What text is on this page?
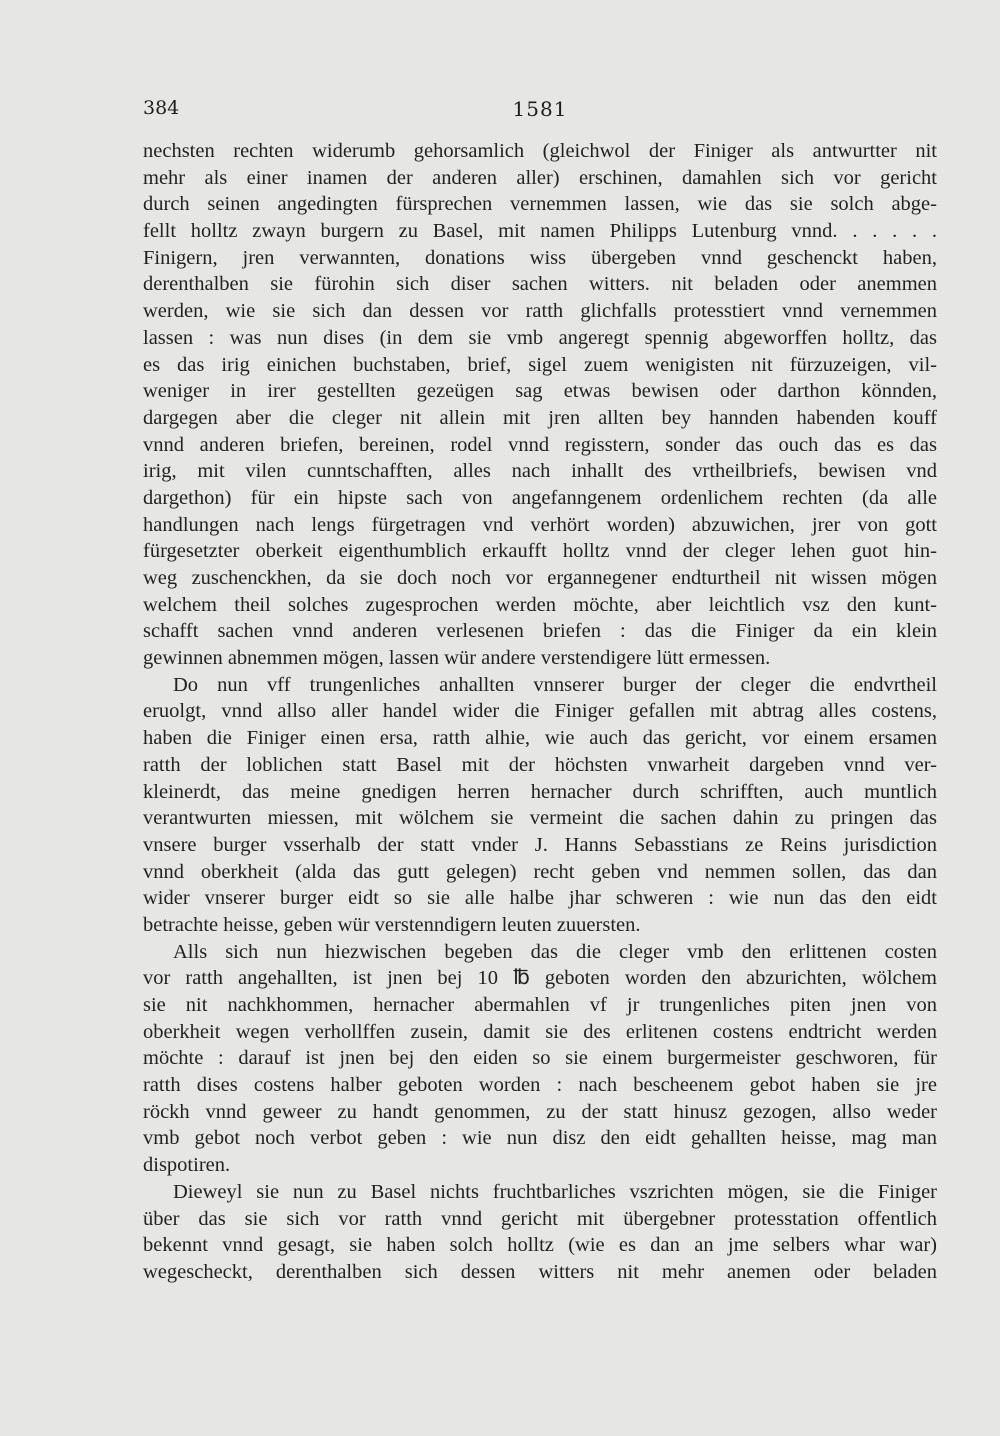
384	1581
nechsten rechten widerumb gehorsamlich (gleichwol der Finiger als antwurtter nit
mehr als einer inamen der anderen aller) erschinen, damahlen sich vor gericht
durch seinen angedingten fürsprechen vernemmen lassen, wie das sie solch abge-
fellt holltz zwayn burgern zu Basel, mit namen Philipps Lutenburg vnnd. . . . . .
Finigern, jren verwannten, donations wiss übergeben vnnd geschenckt haben,
derenthalben sie fürohin sich diser sachen witters. nit beladen oder anemmen
werden, wie sie sich dan dessen vor ratth glichfalls protesstiert vnnd vernemmen
lassen : was nun dises (in dem sie vmb angeregt spennig abgeworffen holltz, das
es das irig einichen buchstaben, brief, sigel zuem wenigisten nit fürzuzeigen, vil-
weniger in irer gestellten gezeügen sag etwas bewisen oder darthon könnden,
dargegen aber die cleger nit allein mit jren allten bey hannden habenden kouff
vnnd anderen briefen, bereinen, rodel vnnd regisstern, sonder das ouch das es das
irig, mit vilen cunntschafften, alles nach inhallt des vrtheilbriefs, bewisen vnd
dargethon) für ein hipste sach von angefanngenem ordenlichem rechten (da alle
handlungen nach lengs fürgetragen vnd verhört worden) abzuwichen, jrer von gott
fürgesetzter oberkeit eigenthumblich erkaufft holltz vnnd der cleger lehen guot hin-
weg zuschenckhen, da sie doch noch vor ergannegener endturtheil nit wissen mögen
welchem theil solches zugesprochen werden möchte, aber leichtlich vsz den kunt-
schafft sachen vnnd anderen verlesenen briefen : das die Finiger da ein klein
gewinnen abnemmen mögen, lassen wür andere verstendigere lütt ermessen.
Do nun vff trungenliches anhallten vnnserer burger der cleger die endvrtheil
eruolgt, vnnd allso aller handel wider die Finiger gefallen mit abtrag alles costens,
haben die Finiger einen ersa, ratth alhie, wie auch das gericht, vor einem ersamen
ratth der loblichen statt Basel mit der höchsten vnwarheit dargeben vnnd ver-
kleinerdt, das meine gnedigen herren hernacher durch schrifften, auch muntlich
verantwurten miessen, mit wölchem sie vermeint die sachen dahin zu pringen das
vnsere burger vsserhalb der statt vnder J. Hanns Sebasstians ze Reins jurisdiction
vnnd oberkheit (alda das gutt gelegen) recht geben vnd nemmen sollen, das dan
wider vnserer burger eidt so sie alle halbe jhar schweren : wie nun das den eidt
betrachte heisse, geben wür verstenndigern leuten zuuersten.
Alls sich nun hiezwischen begeben das die cleger vmb den erlittenen costen
vor ratth angehallten, ist jnen bej 10 ℔ geboten worden den abzurichten, wölchem
sie nit nachkhommen, hernacher abermahlen vf jr trungenliches piten jnen von
oberkheit wegen verhollffen zusein, damit sie des erlitenen costens endtricht werden
möchte : darauf ist jnen bej den eiden so sie einem burgermeister geschworen, für
ratth dises costens halber geboten worden : nach bescheenem gebot haben sie jre
röckh vnnd geweer zu handt genommen, zu der statt hinusz gezogen, allso weder
vmb gebot noch verbot geben : wie nun disz den eidt gehallten heisse, mag man
dispotiren.
Dieweyl sie nun zu Basel nichts fruchtbarliches vszrichten mögen, sie die Finiger
über das sie sich vor ratth vnnd gericht mit übergebner protesstation offentlich
bekennt vnnd gesagt, sie haben solch holltz (wie es dan an jme selbers whar war)
wegescheckt, derenthalben sich dessen witters nit mehr anemen oder beladen
